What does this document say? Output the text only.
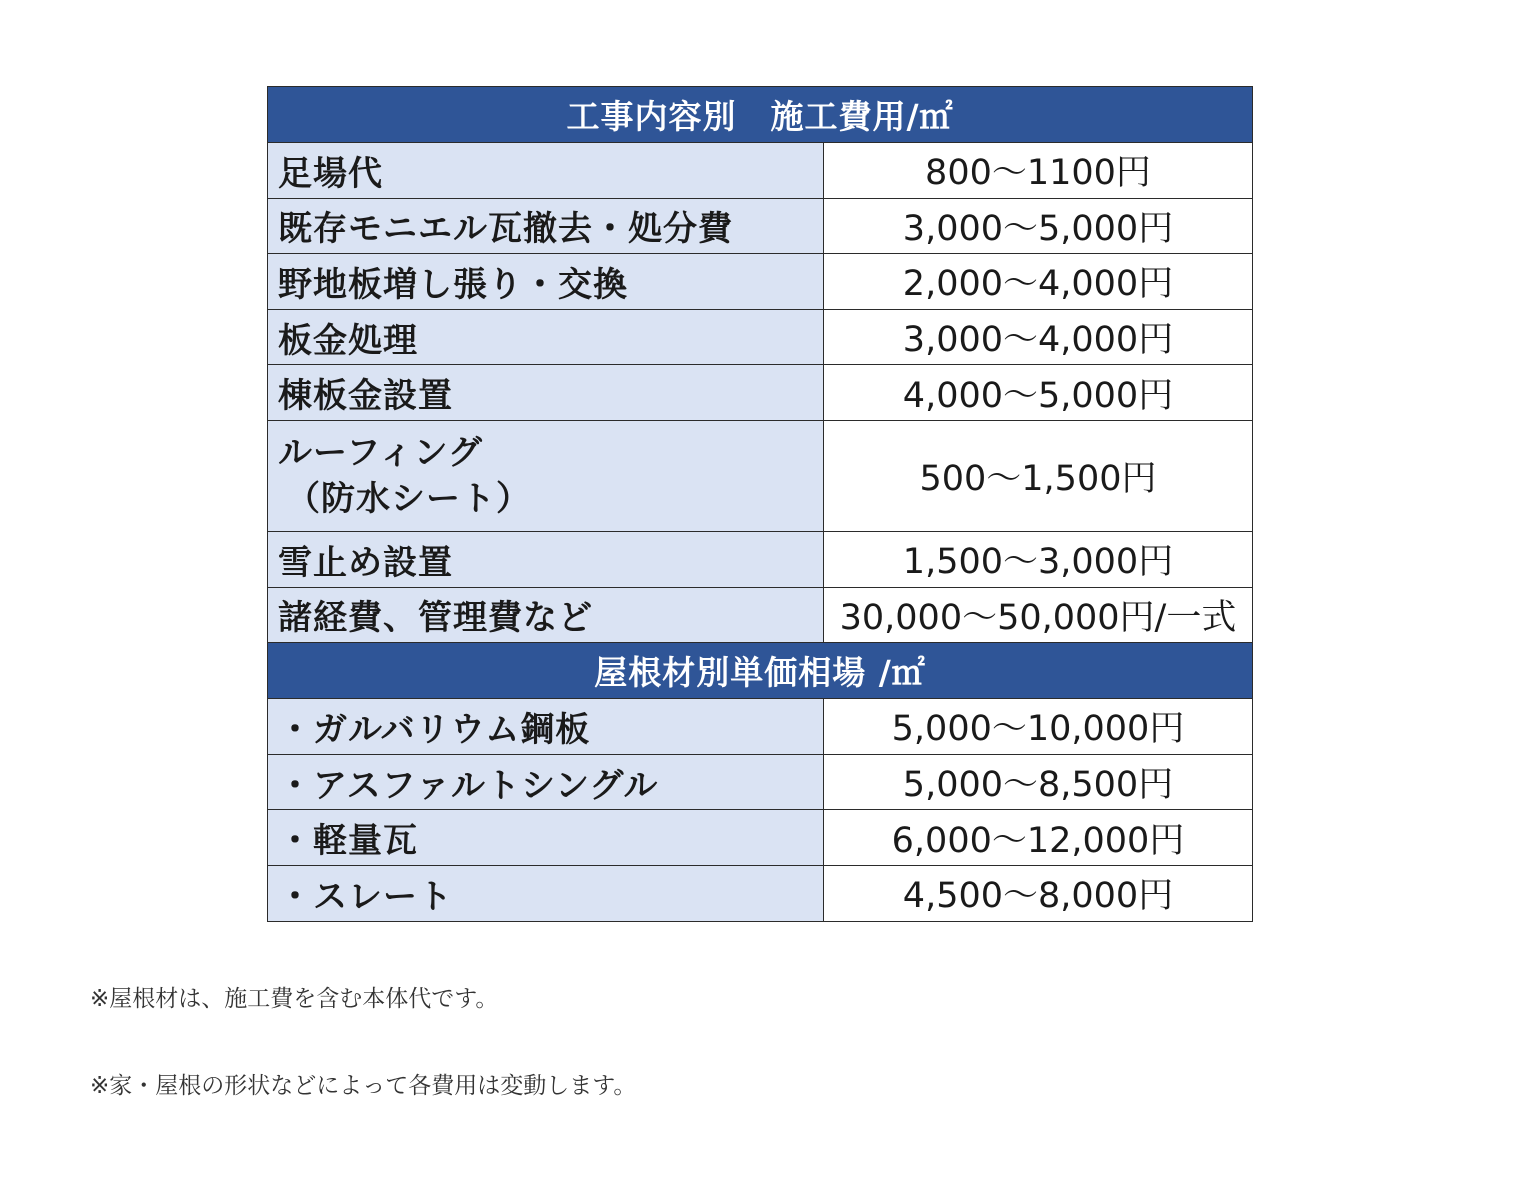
工事内容別　施工費用/㎡	
足場代	800～1100円
既存モニエル瓦撤去・処分費	3,000～5,000円
野地板増し張り・交換	2,000～4,000円
板金処理	3,000～4,000円
棟板金設置	4,000～5,000円

ルーフィング
（防水シート）	500～1,500円
雪止め設置	1,500～3,000円
諸経費、管理費など	30,000～50,000円/一式
屋根材別単価相場 /㎡	
・ガルバリウム鋼板	5,000～10,000円
・アスファルトシングル	5,000～8,500円
・軽量瓦	6,000～12,000円
・スレート	4,500～8,000円
※屋根材は、施工費を含む本体代です。
※家・屋根の形状などによって各費用は変動します。
